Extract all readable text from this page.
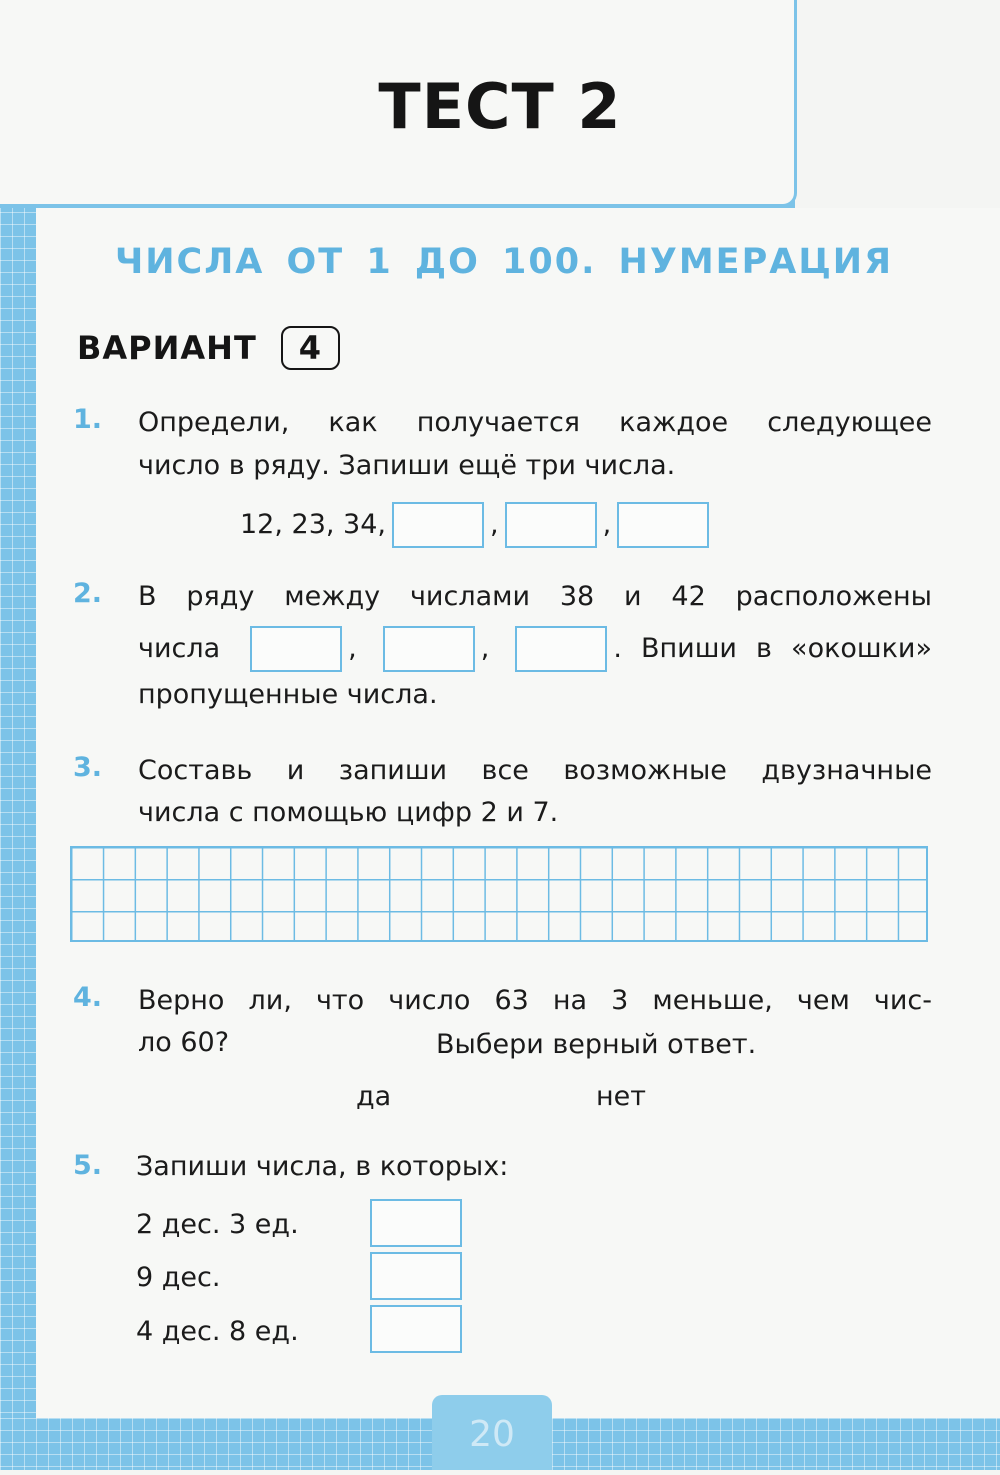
20
ТЕСТ 2
ЧИСЛА ОТ 1 ДО 100. НУМЕРАЦИЯ
ВАРИАНТ 4
1. Определи, как получается каждое следующее
число в ряду. Запиши ещё три числа.
12, 23, 34,	,	,
2. В ряду между числами 38 и 42 расположены
числа	,	,	. Впиши в «окошки»
пропущенные числа.
3. Составь и запиши все возможные двузначные
числа с помощью цифр 2 и 7.
4. Верно ли, что число 63 на 3 меньше, чем чис-
ло 60?	Выбери верный ответ.
да	нет
5. Запиши числа, в которых:
2 дес. 3 ед.
9 дес.
4 дес. 8 ед.
